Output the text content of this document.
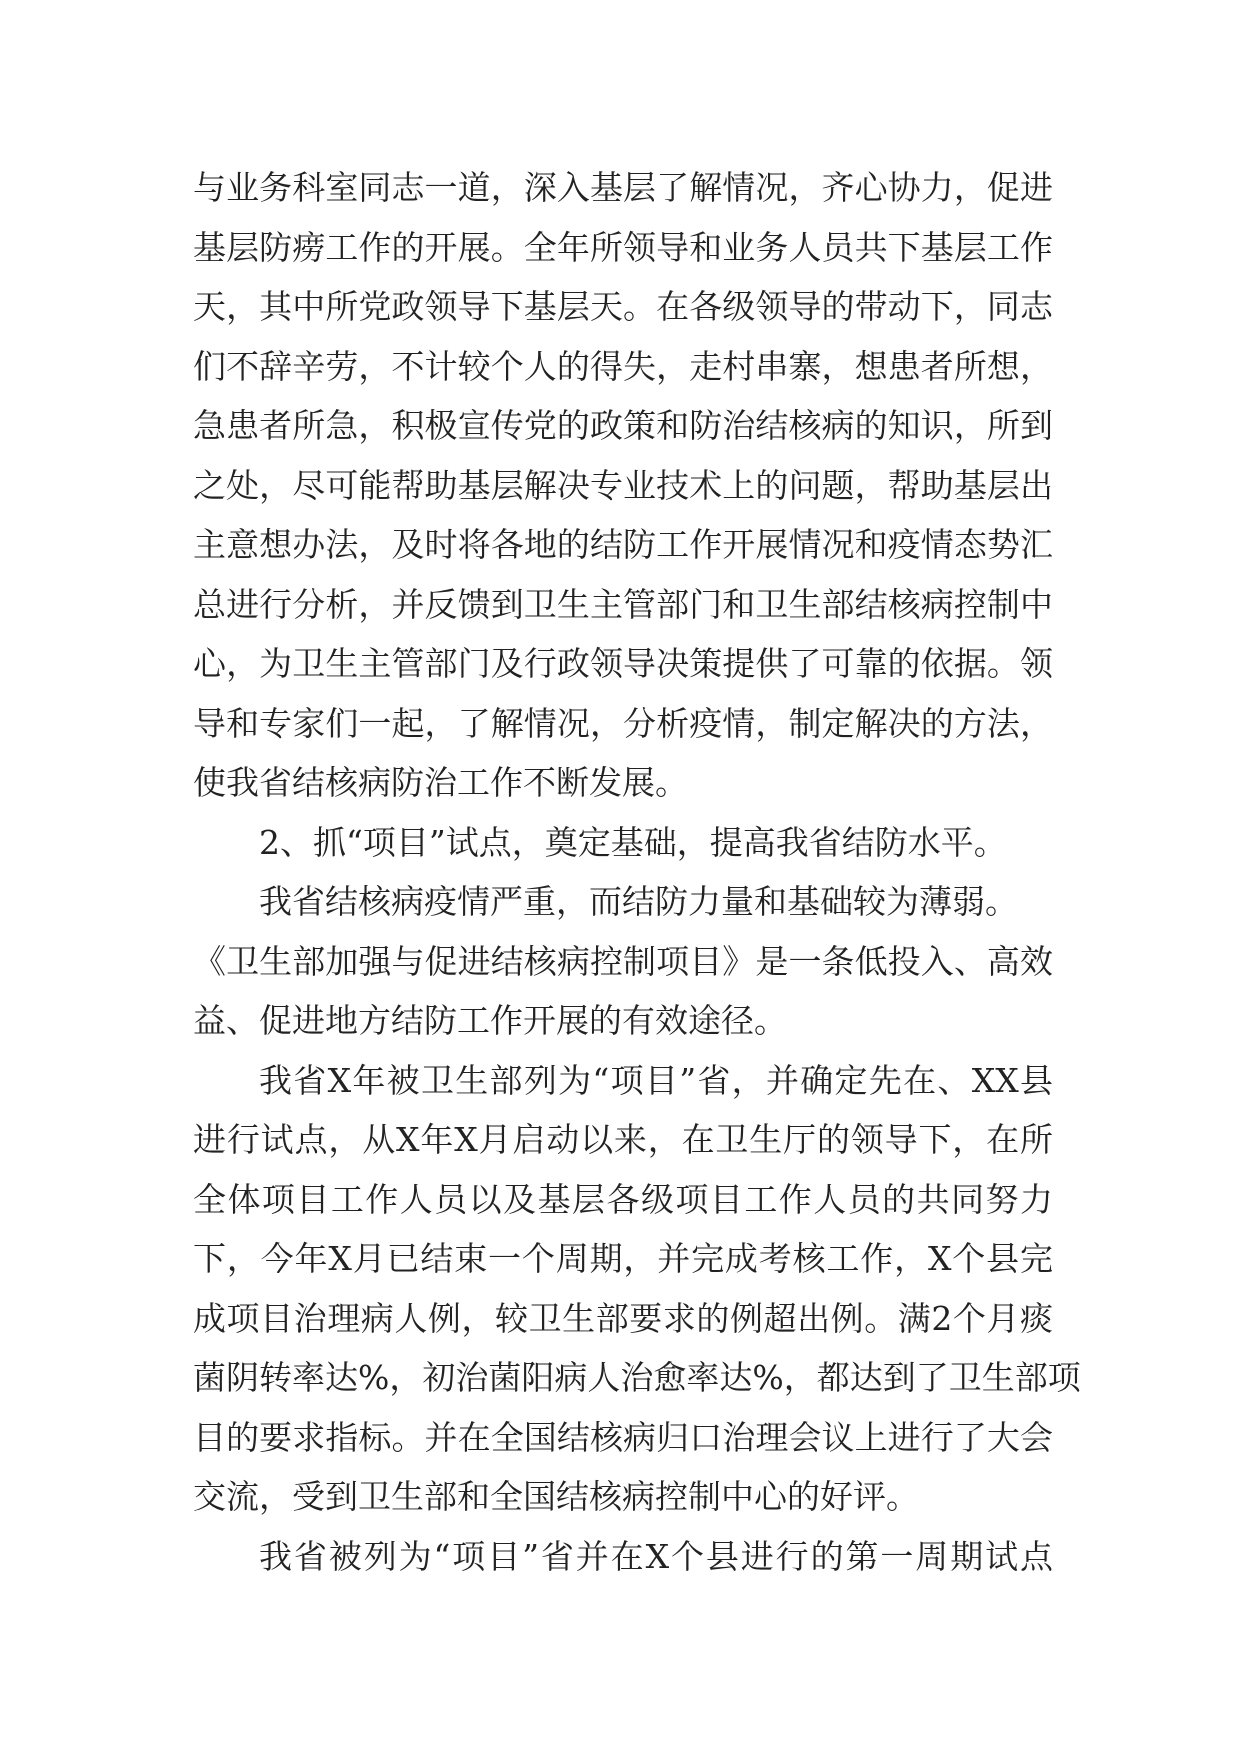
与业务科室同志一道，深入基层了解情况，齐心协力，促进
基层防痨工作的开展。全年所领导和业务人员共下基层工作
天，其中所党政领导下基层天。在各级领导的带动下，同志
们不辞辛劳，不计较个人的得失，走村串寨，想患者所想，
急患者所急，积极宣传党的政策和防治结核病的知识，所到
之处，尽可能帮助基层解决专业技术上的问题，帮助基层出
主意想办法，及时将各地的结防工作开展情况和疫情态势汇
总进行分析，并反馈到卫生主管部门和卫生部结核病控制中
心，为卫生主管部门及行政领导决策提供了可靠的依据。领
导和专家们一起，了解情况，分析疫情，制定解决的方法，
使我省结核病防治工作不断发展。
2、抓“项目”试点，奠定基础，提高我省结防水平。
我省结核病疫情严重，而结防力量和基础较为薄弱。
《卫生部加强与促进结核病控制项目》是一条低投入、高效
益、促进地方结防工作开展的有效途径。
我省X年被卫生部列为“项目”省，并确定先在、XX县
进行试点，从X年X月启动以来，在卫生厅的领导下，在所
全体项目工作人员以及基层各级项目工作人员的共同努力
下，今年X月已结束一个周期，并完成考核工作，X个县完
成项目治理病人例，较卫生部要求的例超出例。满2个月痰
菌阴转率达%，初治菌阳病人治愈率达%，都达到了卫生部项
目的要求指标。并在全国结核病归口治理会议上进行了大会
交流，受到卫生部和全国结核病控制中心的好评。
我省被列为“项目”省并在X个县进行的第一周期试点
